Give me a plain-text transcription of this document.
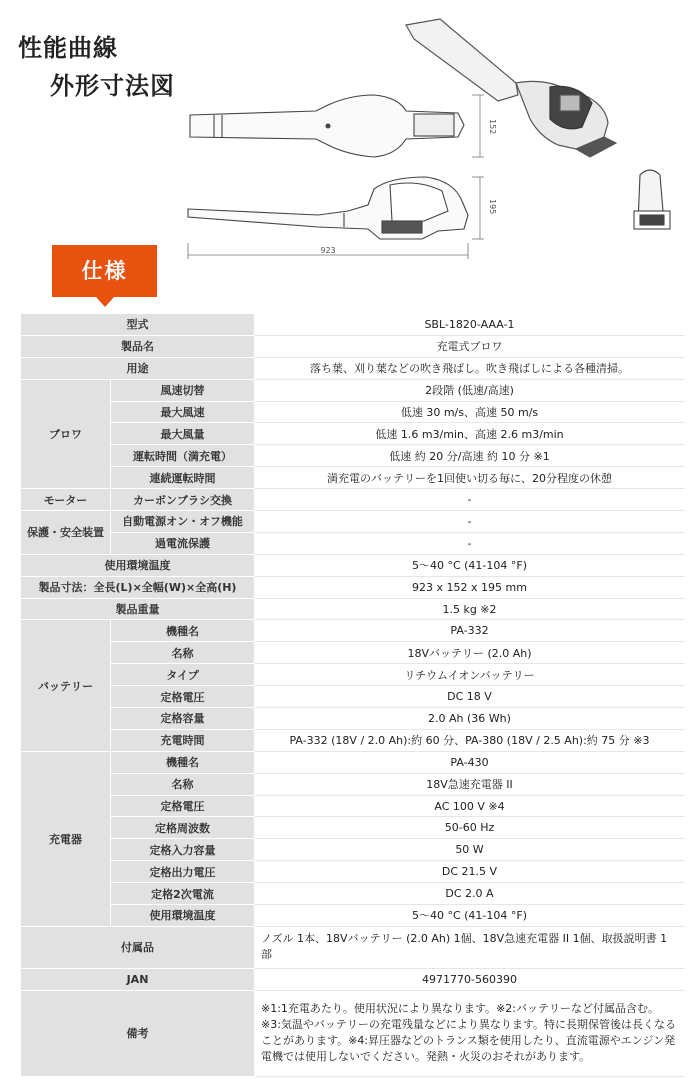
性能曲線
外形寸法図
152
195
923
仕様
型式		SBL-1820-AAA-1
製品名		充電式ブロワ
用途		落ち葉、刈り葉などの吹き飛ばし。吹き飛ばしによる各種清掃。
ブロワ	風速切替	2段階 (低速/高速)
	最大風速	低速 30 m/s、高速 50 m/s
	最大風量	低速 1.6 m3/min、高速 2.6 m3/min
	運転時間（満充電）	低速 約 20 分/高速 約 10 分 ※1
	連続運転時間	満充電のバッテリーを1回使い切る毎に、20分程度の休憩
モーター	カーボンブラシ交換	-
保護・安全装置	自動電源オン・オフ機能	-
	過電流保護	-
使用環境温度		5～40 °C (41-104 °F)
製品寸法：全長(L)×全幅(W)×全高(H)		923 x 152 x 195 mm
製品重量		1.5 kg ※2
バッテリー	機種名	PA-332
	名称	18Vバッテリー (2.0 Ah)
	タイプ	リチウムイオンバッテリー
	定格電圧	DC 18 V
	定格容量	2.0 Ah (36 Wh)
	充電時間	PA-332 (18V / 2.0 Ah):約 60 分、PA-380 (18V / 2.5 Ah):約 75 分 ※3
充電器	機種名	PA-430
	名称	18V急速充電器 II
	定格電圧	AC 100 V ※4
	定格周波数	50-60 Hz
	定格入力容量	50 W
	定格出力電圧	DC 21.5 V
	定格2次電流	DC 2.0 A
	使用環境温度	5～40 °C (41-104 °F)
付属品		ノズル 1本、18Vバッテリー (2.0 Ah) 1個、18V急速充電器 II 1個、取扱説明書 1部
JAN		4971770-560390
備考		※1:1充電あたり。使用状況により異なります。※2:バッテリーなど付属品含む。※3:気温やバッテリーの充電残量などにより異なります。特に長期保管後は長くなることがあります。※4:昇圧器などのトランス類を使用したり、直流電源やエンジン発電機では使用しないでください。発熱・火災のおそれがあります。
